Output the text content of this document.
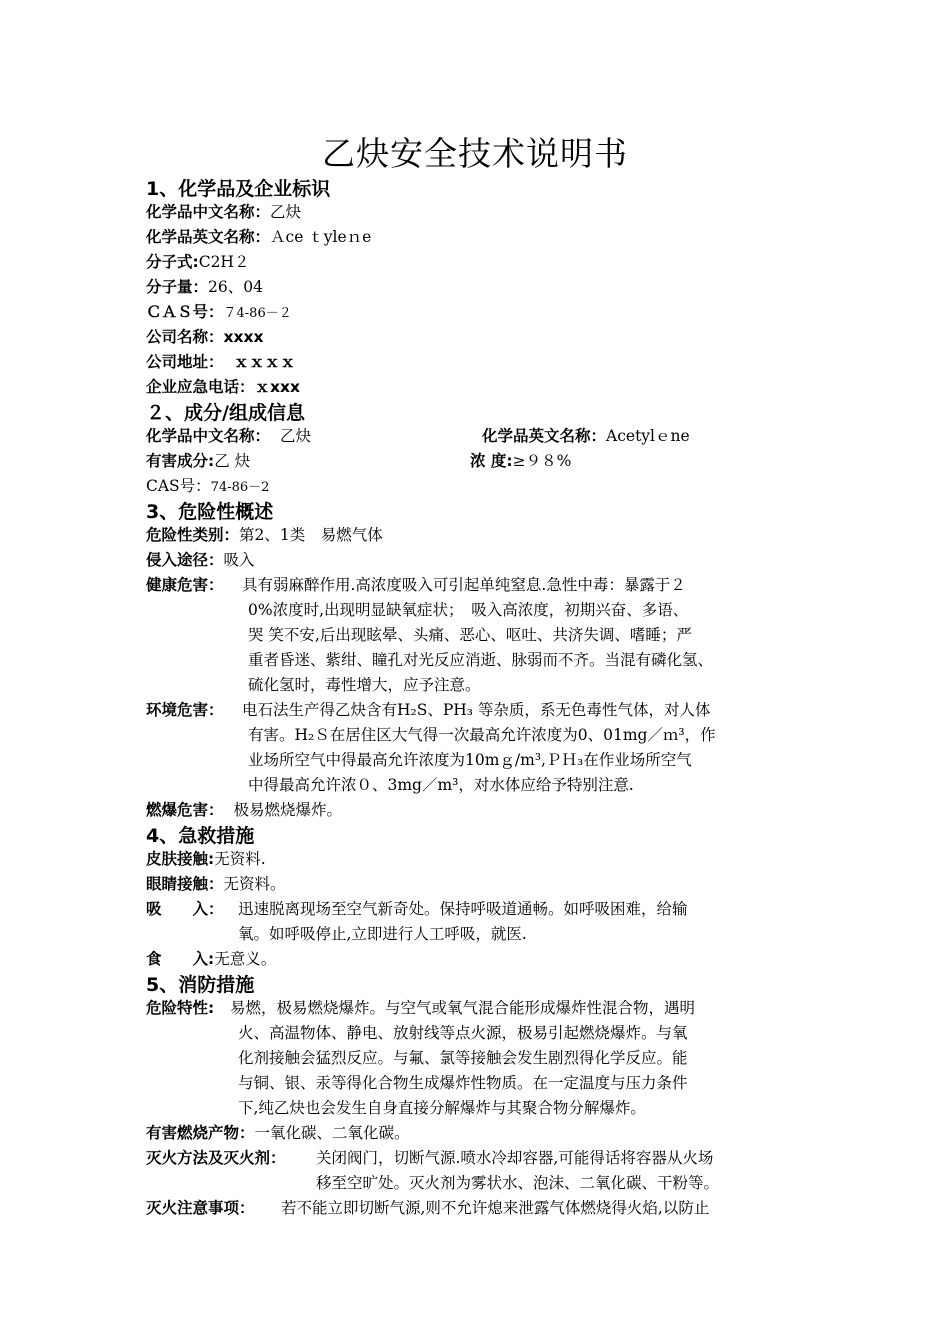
乙炔安全技术说明书
1、化学品及企业标识
化学品中文名称：乙炔
化学品英文名称：Ａce ｔyleｎe
分子式:C2H２
分子量：26、04
ＣＡＳ号：７4-86－２
公司名称：xxxx
公司地址： ｘｘｘｘ
企业应急电话：ｘxxx
２、成分/组成信息
化学品中文名称： 乙炔	化学品英文名称：Acetylｅne
有害成分:乙 炔	浓 度:≥９８%
CAS号：74-86－2
3、危险性概述
危险性类别：第2、1类　易燃气体
侵入途径：吸入
健康危害： 具有弱麻醉作用.高浓度吸入可引起单纯窒息.急性中毒：暴露于２
0%浓度时,出现明显缺氧症状；　吸入高浓度，初期兴奋、多语、
哭 笑不安,后出现眩晕、头痛、恶心、呕吐、共济失调、嗜睡；严
重者昏迷、紫绀、瞳孔对光反应消逝、脉弱而不齐。当混有磷化氢、
硫化氢时，毒性增大，应予注意。
环境危害： 电石法生产得乙炔含有H₂S、PH₃ 等杂质，系无色毒性气体，对人体
有害。H₂Ｓ在居住区大气得一次最高允许浓度为0、01mg／ｍ³，作
业场所空气中得最高允许浓度为10mｇ/m³,ＰＨ₃在作业场所空气
中得最高允许浓０、3mg／m³，对水体应给予特别注意.
燃爆危害： 极易燃烧爆炸。
4、急救措施
皮肤接触:无资料.
眼睛接触：无资料。
吸　　入： 迅速脱离现场至空气新奇处。保持呼吸道通畅。如呼吸困难，给输
氧。如呼吸停止,立即进行人工呼吸，就医.
食　　入:无意义。
5、消防措施
危险特性: 易燃，极易燃烧爆炸。与空气或氧气混合能形成爆炸性混合物，遇明
火、高温物体、静电、放射线等点火源，极易引起燃烧爆炸。与氧
化剂接触会猛烈反应。与氟、氯等接触会发生剧烈得化学反应。能
与铜、银、汞等得化合物生成爆炸性物质。在一定温度与压力条件
下,纯乙炔也会发生自身直接分解爆炸与其聚合物分解爆炸。
有害燃烧产物：一氧化碳、二氧化碳。
灭火方法及灭火剂： 关闭阀门，切断气源.喷水冷却容器,可能得话将容器从火场
移至空旷处。灭火剂为雾状水、泡沫、二氧化碳、干粉等。
灭火注意事项： 若不能立即切断气源,则不允许熄来泄露气体燃烧得火焰,以防止
